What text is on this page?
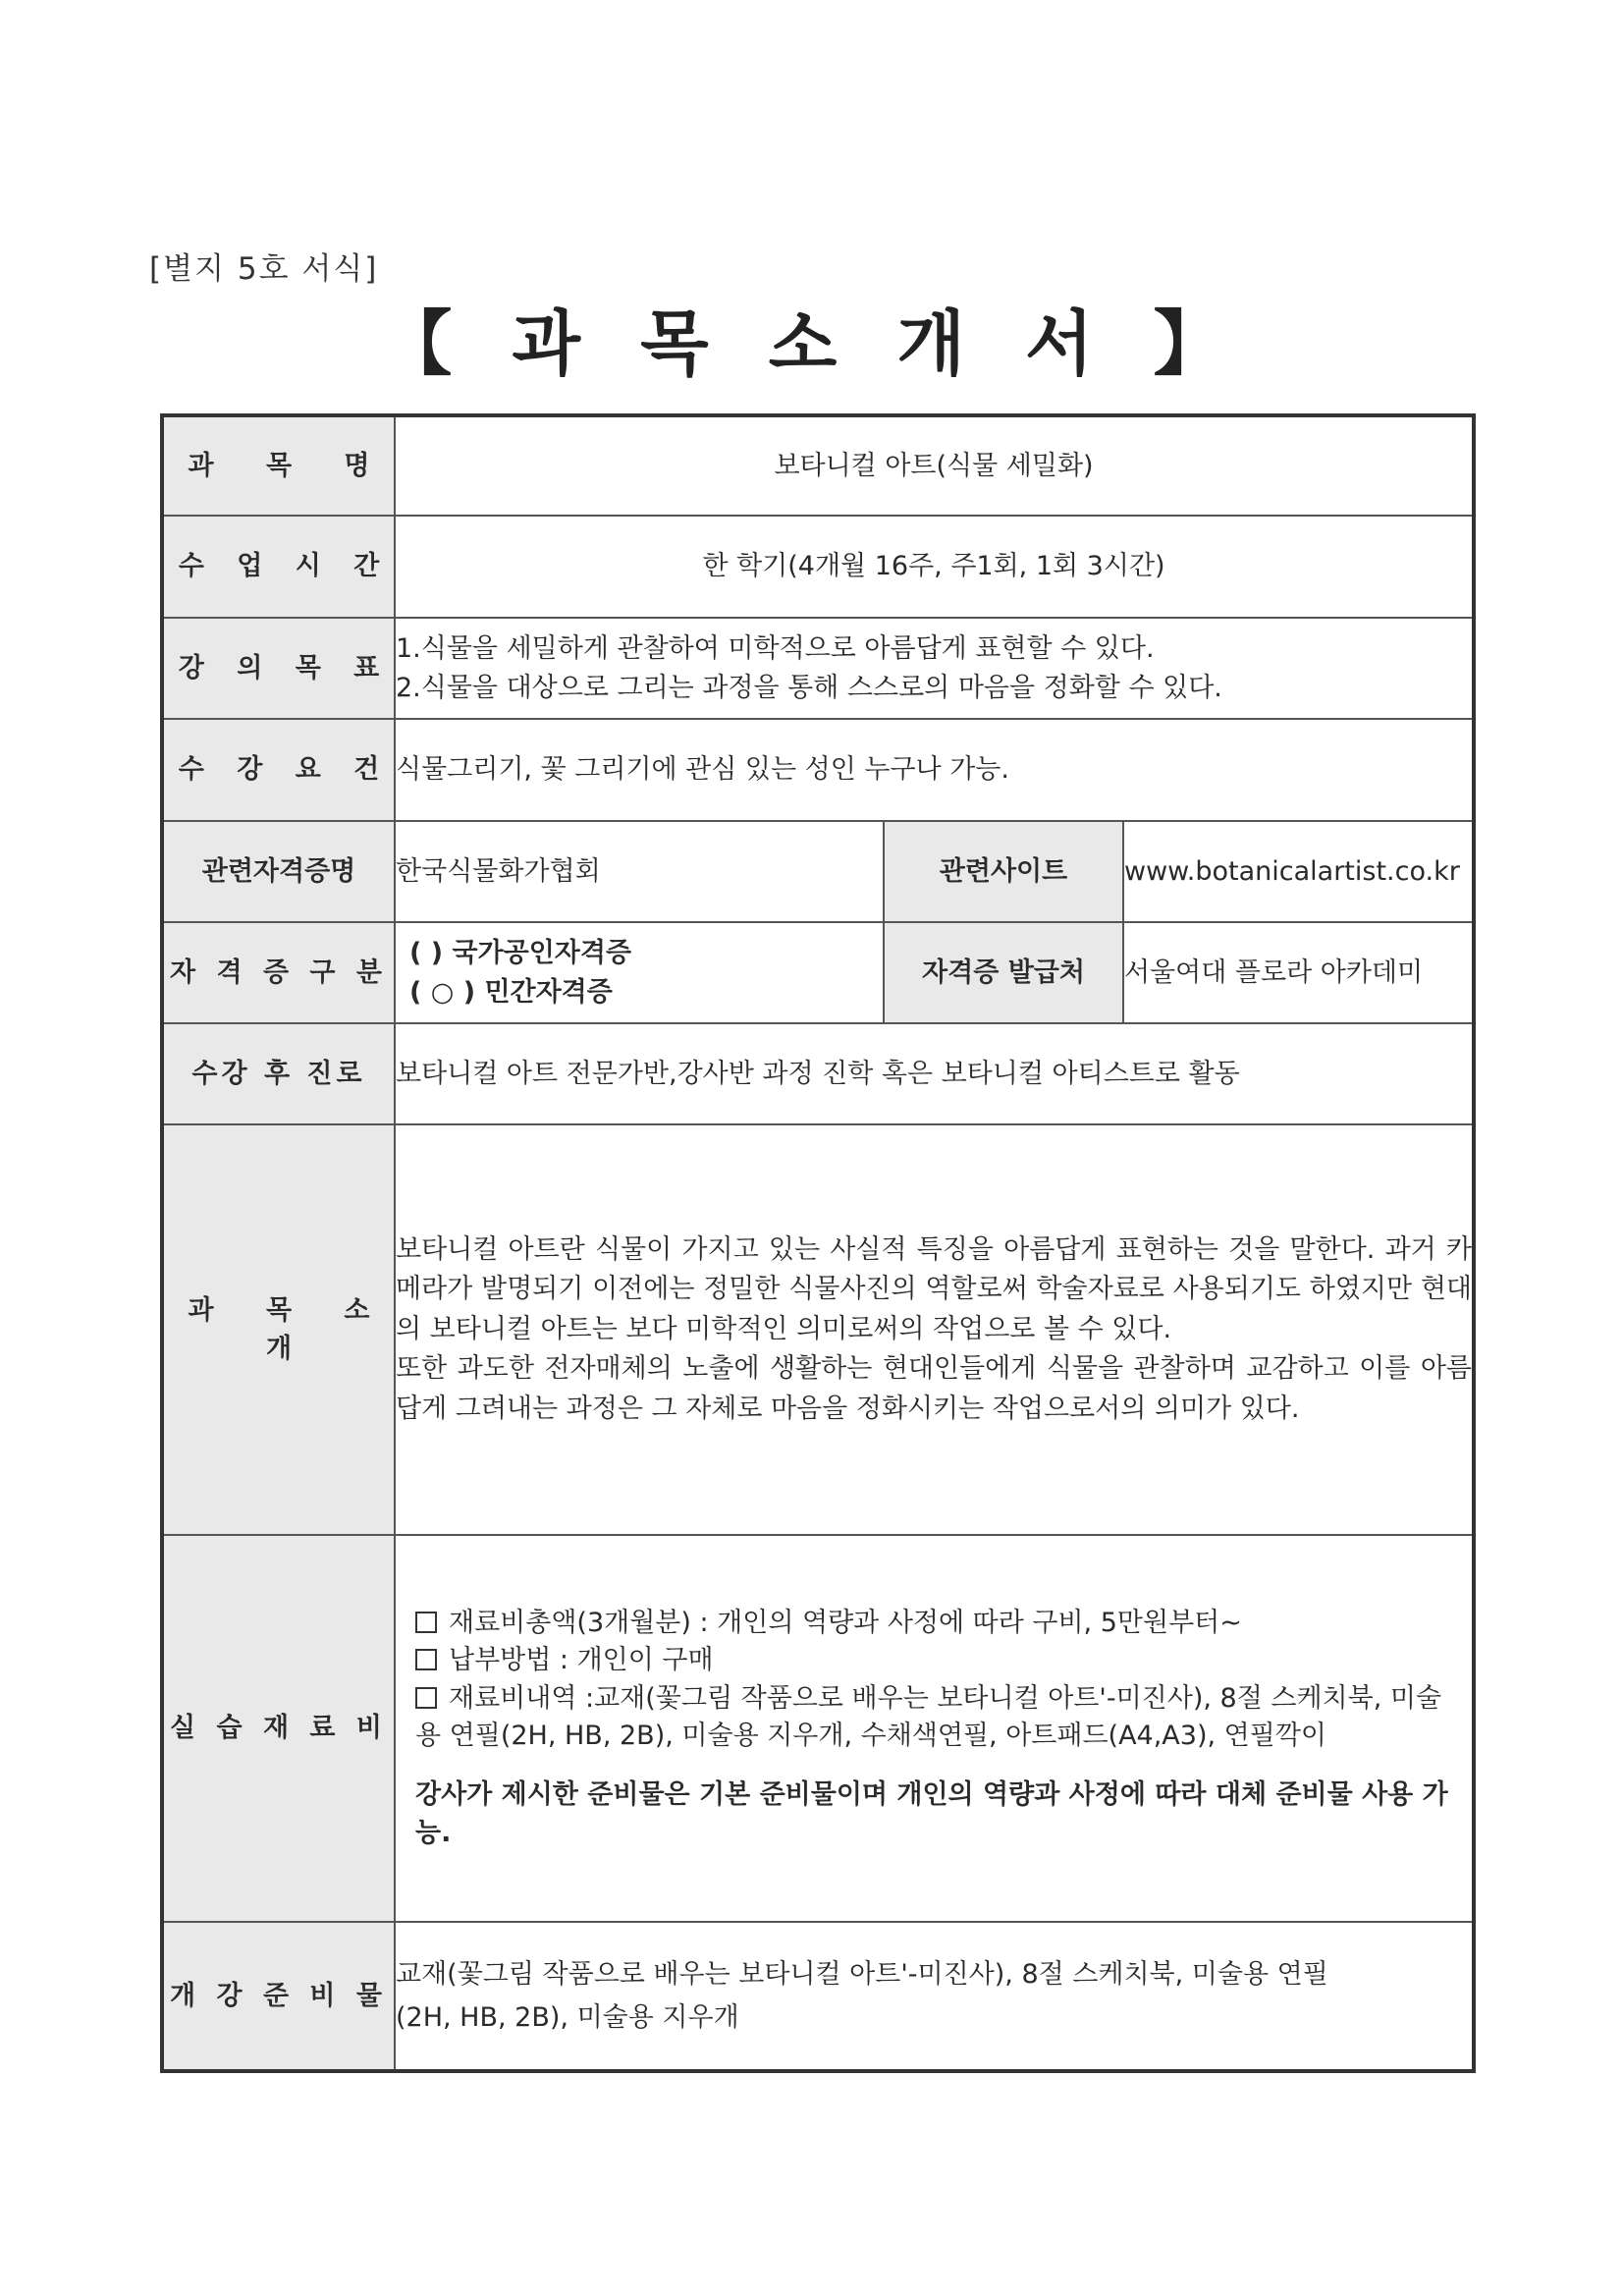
[별지 5호 서식]
【 과 목 소 개 서 】
과 목 명	보타니컬 아트(식물 세밀화)		
수 업 시 간	한 학기(4개월 16주, 주1회, 1회 3시간)		
강 의 목 표	1.식물을 세밀하게 관찰하여 미학적으로 아름답게 표현할 수 있다.
2.식물을 대상으로 그리는 과정을 통해 스스로의 마음을 정화할 수 있다.		

수 강 요 건	식물그리기, 꽃 그리기에 관심 있는 성인 누구나 가능.		
관련자격증명	한국식물화가협회	관련사이트	www.botanicalartist.co.kr
자 격 증 구 분	( ) 국가공인자격증
( ○ ) 민간자격증	자격증 발급처	서울여대 플로라 아카데미
수강 후 진로	보타니컬 아트 전문가반,강사반 과정 진학 혹은 보타니컬 아티스트로 활동		
과 목 소 개	보타니컬 아트란 식물이 가지고 있는 사실적 특징을 아름답게 표현하는 것을 말한다. 과거 카메라가 발명되기 이전에는 정밀한 식물사진의 역할로써 학술자료로 사용되기도 하였지만 현대의 보타니컬 아트는 보다 미학적인 의미로써의 작업으로 볼 수 있다.

또한 과도한 전자매체의 노출에 생활하는 현대인들에게 식물을 관찰하며 교감하고 이를 아름답게 그려내는 과정은 그 자체로 마음을 정화시키는 작업으로서의 의미가 있다.		

실 습 재 료 비	재료비총액(3개월분) : 개인의 역량과 사정에 따라 구비, 5만원부터~
납부방법 : 개인이 구매
재료비내역 :교재(꽃그림 작품으로 배우는 보타니컬 아트'-미진사), 8절 스케치북, 미술용 연필(2H, HB, 2B), 미술용 지우개, 수채색연필, 아트패드(A4,A3), 연필깍이
강사가 제시한 준비물은 기본 준비물이며 개인의 역량과 사정에 따라 대체 준비물 사용 가능.		

개 강 준 비 물	교재(꽃그림 작품으로 배우는 보타니컬 아트'-미진사), 8절 스케치북, 미술용 연필(2H, HB, 2B), 미술용 지우개		
